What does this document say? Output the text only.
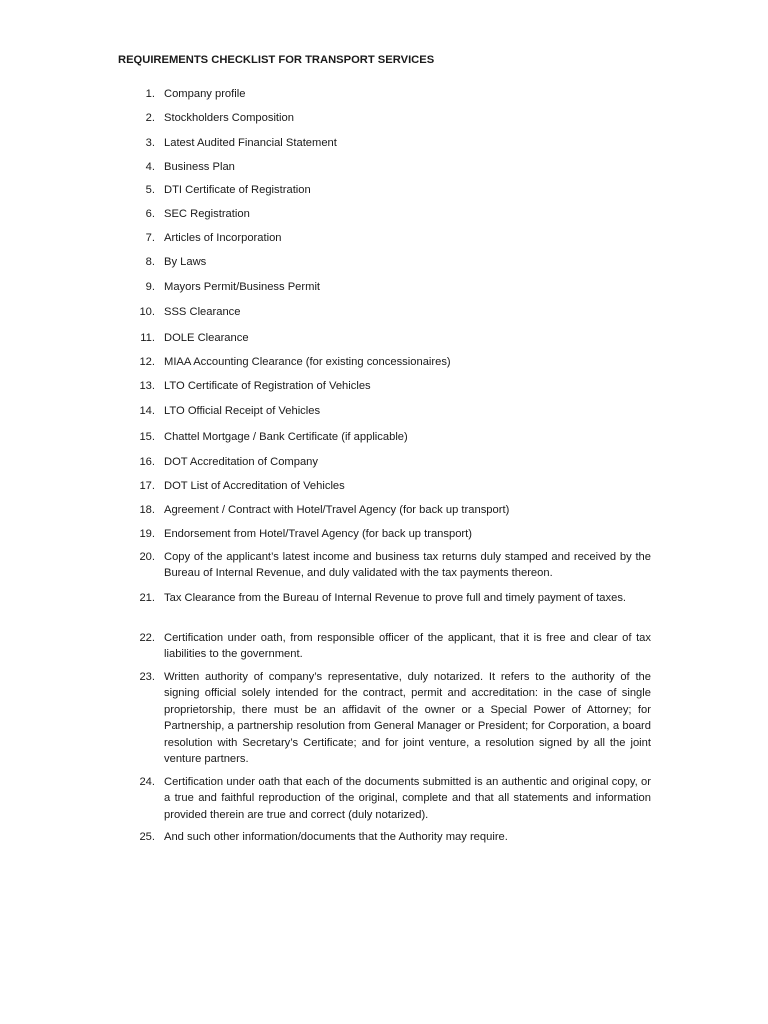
REQUIREMENTS CHECKLIST FOR TRANSPORT SERVICES
1. Company profile
2. Stockholders Composition
3. Latest Audited Financial Statement
4. Business Plan
5. DTI Certificate of Registration
6. SEC Registration
7. Articles of Incorporation
8. By Laws
9. Mayors Permit/Business Permit
10. SSS Clearance
11. DOLE Clearance
12. MIAA Accounting Clearance (for existing concessionaires)
13. LTO Certificate of Registration of Vehicles
14. LTO Official Receipt of Vehicles
15. Chattel Mortgage / Bank Certificate (if applicable)
16. DOT Accreditation of Company
17. DOT List of Accreditation of Vehicles
18. Agreement / Contract with Hotel/Travel Agency (for back up transport)
19. Endorsement from Hotel/Travel Agency (for back up transport)
20. Copy of the applicant’s latest income and business tax returns duly stamped and received by the Bureau of Internal Revenue, and duly validated with the tax payments thereon.
21. Tax Clearance from the Bureau of Internal Revenue to prove full and timely payment of taxes.
22. Certification under oath, from responsible officer of the applicant, that it is free and clear of tax liabilities to the government.
23. Written authority of company’s representative, duly notarized. It refers to the authority of the signing official solely intended for the contract, permit and accreditation: in the case of single proprietorship, there must be an affidavit of the owner or a Special Power of Attorney; for Partnership, a partnership resolution from General Manager or President; for Corporation, a board resolution with Secretary’s Certificate; and for joint venture, a resolution signed by all the joint venture partners.
24. Certification under oath that each of the documents submitted is an authentic and original copy, or a true and faithful reproduction of the original, complete and that all statements and information provided therein are true and correct (duly notarized).
25. And such other information/documents that the Authority may require.
